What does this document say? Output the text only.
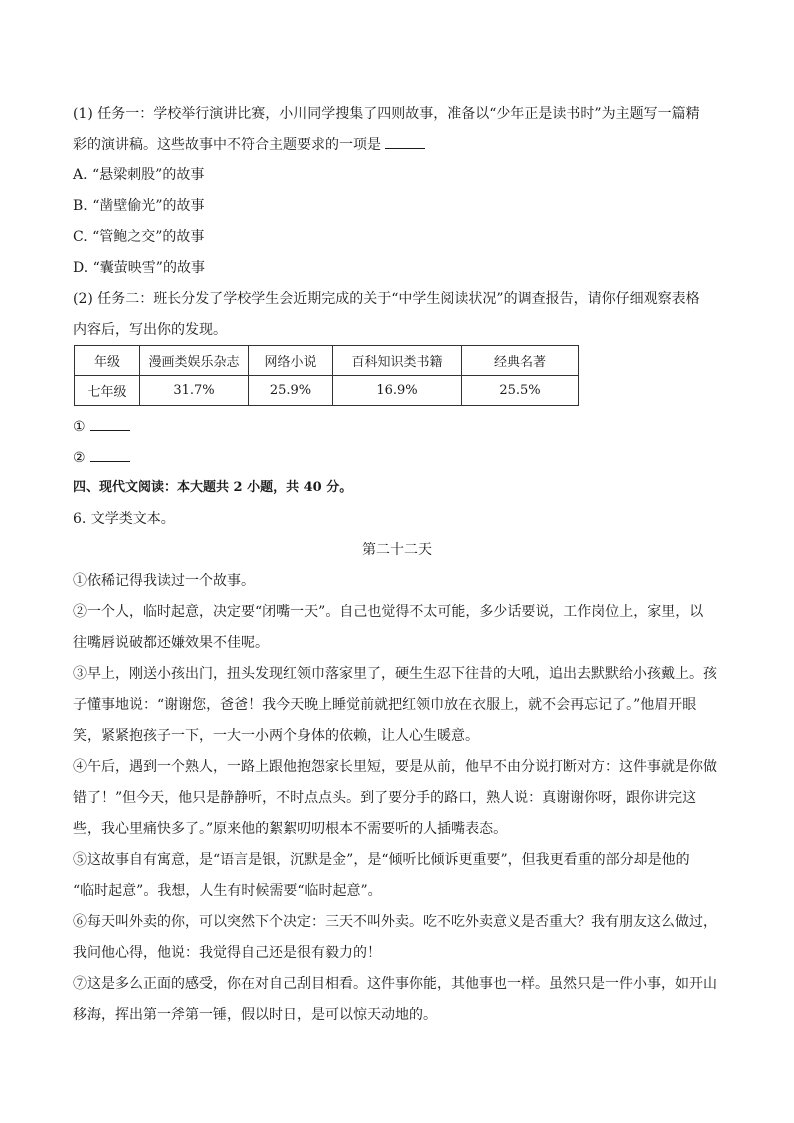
(1) 任务一：学校举行演讲比赛，小川同学搜集了四则故事，准备以“少年正是读书时”为主题写一篇精
彩的演讲稿。这些故事中不符合主题要求的一项是
A. “悬梁刺股”的故事
B. “凿壁偷光”的故事
C. “管鲍之交”的故事
D. “囊萤映雪”的故事
(2) 任务二：班长分发了学校学生会近期完成的关于“中学生阅读状况”的调查报告，请你仔细观察表格
内容后，写出你的发现。
年级	漫画类娱乐杂志	网络小说	百科知识类书籍	经典名著
七年级	31.7%	25.9%	16.9%	25.5%
①
②
四、现代文阅读：本大题共 2 小题，共 40 分。
6. 文学类文本。
第二十二天
①依稀记得我读过一个故事。
②一个人，临时起意，决定要“闭嘴一天”。自己也觉得不太可能，多少话要说，工作岗位上，家里，以
往嘴唇说破都还嫌效果不佳呢。
③早上，刚送小孩出门，扭头发现红领巾落家里了，硬生生忍下往昔的大吼，追出去默默给小孩戴上。孩
子懂事地说：“谢谢您，爸爸！我今天晚上睡觉前就把红领巾放在衣服上，就不会再忘记了。”他眉开眼
笑，紧紧抱孩子一下，一大一小两个身体的依赖，让人心生暖意。
④午后，遇到一个熟人，一路上跟他抱怨家长里短，要是从前，他早不由分说打断对方：这件事就是你做
错了！”但今天，他只是静静听，不时点点头。到了要分手的路口，熟人说：真谢谢你呀，跟你讲完这
些，我心里痛快多了。”原来他的絮絮叨叨根本不需要听的人插嘴表态。
⑤这故事自有寓意，是“语言是银，沉默是金”，是“倾听比倾诉更重要”，但我更看重的部分却是他的
“临时起意”。我想，人生有时候需要“临时起意”。
⑥每天叫外卖的你，可以突然下个决定：三天不叫外卖。吃不吃外卖意义是否重大？我有朋友这么做过，
我问他心得，他说：我觉得自己还是很有毅力的！
⑦这是多么正面的感受，你在对自己刮目相看。这件事你能，其他事也一样。虽然只是一件小事，如开山
移海，挥出第一斧第一锤，假以时日，是可以惊天动地的。
